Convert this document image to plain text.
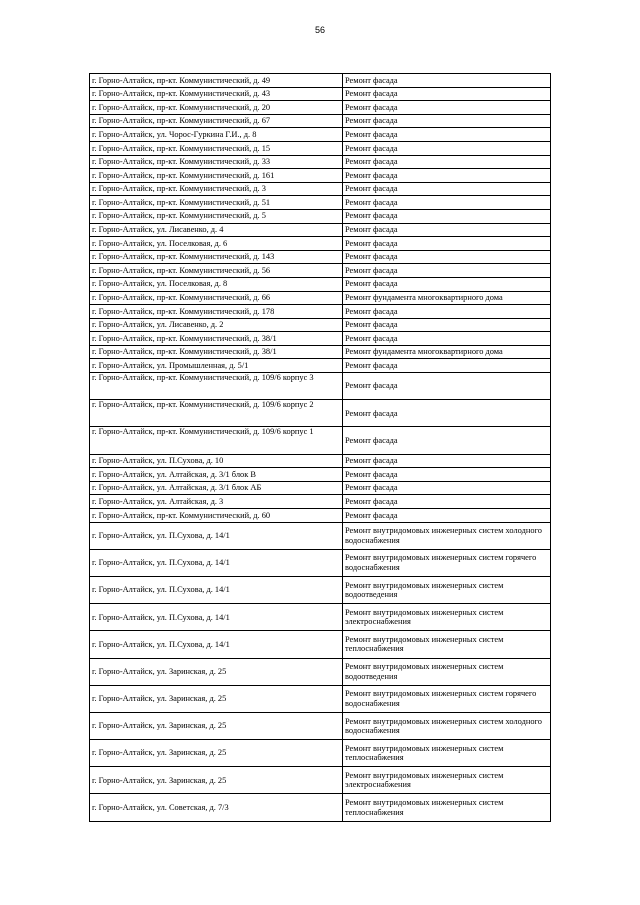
56
г. Горно-Алтайск, пр-кт. Коммунистический, д. 49	Ремонт фасада
г. Горно-Алтайск, пр-кт. Коммунистический, д. 43	Ремонт фасада
г. Горно-Алтайск, пр-кт. Коммунистический, д. 20	Ремонт фасада
г. Горно-Алтайск, пр-кт. Коммунистический, д. 67	Ремонт фасада
г. Горно-Алтайск, ул. Чорос-Гуркина Г.И., д. 8	Ремонт фасада
г. Горно-Алтайск, пр-кт. Коммунистический, д. 15	Ремонт фасада
г. Горно-Алтайск, пр-кт. Коммунистический, д. 33	Ремонт фасада
г. Горно-Алтайск, пр-кт. Коммунистический, д. 161	Ремонт фасада
г. Горно-Алтайск, пр-кт. Коммунистический, д. 3	Ремонт фасада
г. Горно-Алтайск, пр-кт. Коммунистический, д. 51	Ремонт фасада
г. Горно-Алтайск, пр-кт. Коммунистический, д. 5	Ремонт фасада
г. Горно-Алтайск, ул. Лисавенко, д. 4	Ремонт фасада
г. Горно-Алтайск, ул. Поселковая, д. 6	Ремонт фасада
г. Горно-Алтайск, пр-кт. Коммунистический, д. 143	Ремонт фасада
г. Горно-Алтайск, пр-кт. Коммунистический, д. 56	Ремонт фасада
г. Горно-Алтайск, ул. Поселковая, д. 8	Ремонт фасада
г. Горно-Алтайск, пр-кт. Коммунистический, д. 66	Ремонт фундамента многоквартирного дома
г. Горно-Алтайск, пр-кт. Коммунистический, д. 178	Ремонт фасада
г. Горно-Алтайск, ул. Лисавенко, д. 2	Ремонт фасада
г. Горно-Алтайск, пр-кт. Коммунистический, д. 38/1	Ремонт фасада
г. Горно-Алтайск, пр-кт. Коммунистический, д. 38/1	Ремонт фундамента многоквартирного дома
г. Горно-Алтайск, ул. Промышленная, д. 5/1	Ремонт фасада
г. Горно-Алтайск, пр-кт. Коммунистический, д. 109/6 корпус 3	Ремонт фасада
г. Горно-Алтайск, пр-кт. Коммунистический, д. 109/6 корпус 2	Ремонт фасада
г. Горно-Алтайск, пр-кт. Коммунистический, д. 109/6 корпус 1	Ремонт фасада
г. Горно-Алтайск, ул. П.Сухова, д. 10	Ремонт фасада
г. Горно-Алтайск, ул. Алтайская, д. 3/1 блок В	Ремонт фасада
г. Горно-Алтайск, ул. Алтайская, д. 3/1 блок АБ	Ремонт фасада
г. Горно-Алтайск, ул. Алтайская, д. 3	Ремонт фасада
г. Горно-Алтайск, пр-кт. Коммунистический, д. 60	Ремонт фасада
г. Горно-Алтайск, ул. П.Сухова, д. 14/1	Ремонт внутридомовых инженерных систем холодного водоснабжения
г. Горно-Алтайск, ул. П.Сухова, д. 14/1	Ремонт внутридомовых инженерных систем горячего водоснабжения
г. Горно-Алтайск, ул. П.Сухова, д. 14/1	Ремонт внутридомовых инженерных систем водоотведения
г. Горно-Алтайск, ул. П.Сухова, д. 14/1	Ремонт внутридомовых инженерных систем электроснабжения
г. Горно-Алтайск, ул. П.Сухова, д. 14/1	Ремонт внутридомовых инженерных систем теплоснабжения
г. Горно-Алтайск, ул. Заринская, д. 25	Ремонт внутридомовых инженерных систем водоотведения
г. Горно-Алтайск, ул. Заринская, д. 25	Ремонт внутридомовых инженерных систем горячего водоснабжения
г. Горно-Алтайск, ул. Заринская, д. 25	Ремонт внутридомовых инженерных систем холодного водоснабжения
г. Горно-Алтайск, ул. Заринская, д. 25	Ремонт внутридомовых инженерных систем теплоснабжения
г. Горно-Алтайск, ул. Заринская, д. 25	Ремонт внутридомовых инженерных систем электроснабжения
г. Горно-Алтайск, ул. Советская, д. 7/3	Ремонт внутридомовых инженерных систем теплоснабжения
